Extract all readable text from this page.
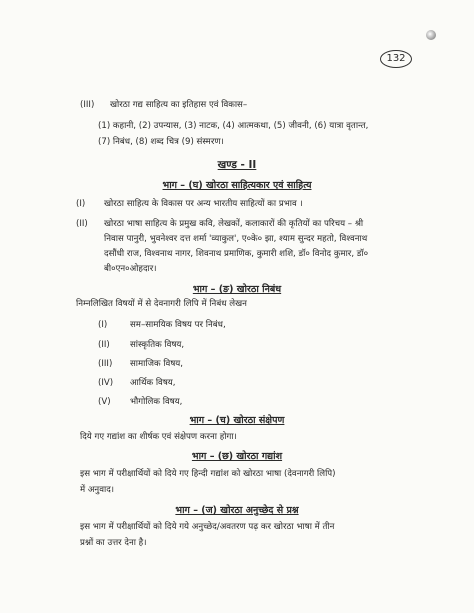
132
(III) खोरठा गद्य साहित्य का इतिहास एवं विकास–
(1) कहानी, (2) उपन्यास, (3) नाटक, (4) आत्मकथा, (5) जीवनी, (6) यात्रा वृतान्त,
(7) निबंध, (8) शब्द चित्र (9) संस्मरण।
खण्ड - II
भाग – (घ) खोरठा साहित्यकार एवं साहित्य
(I) खोरठा साहित्य के विकास पर अन्य भारतीय साहित्यों का प्रभाव ।
(II) खोरठा भाषा साहित्य के प्रमुख कवि, लेखकों, कलाकारों की कृतियों का परिचय – श्री
निवास पानुरी, भुवनेश्वर दत्त शर्मा 'व्याकुल', ए०के० झा, श्याम सुन्दर महतो, विश्वनाथ
दसौंधी राज, विश्वनाथ नागर, शिवनाथ प्रमाणिक, कुमारी शशि, डॉ० विनोद कुमार, डॉ०
बी०एन०ओहदार।
भाग – (ङ) खोरठा निबंध
निम्नलिखित विषयों में से देवनागरी लिपि में निबंध लेखन
(I)	सम–सामयिक विषय पर निबंध,
(II) सांस्कृतिक विषय,
(III) सामाजिक विषय,
(IV) आर्थिक विषय,
(V) भौगोलिक विषय,
भाग – (च) खोरठा संक्षेपण
दिये गए गद्यांश का शीर्षक एवं संक्षेपण करना होगा।
भाग – (छ) खोरठा गद्यांश
इस भाग में परीक्षार्थियों को दिये गए हिन्दी गद्यांश को खोरठा भाषा (देवनागरी लिपि)
में अनुवाद।
भाग – (ज) खोरठा अनुच्छेद से प्रश्न
इस भाग में परीक्षार्थियों को दिये गये अनुच्छेद/अवतरण पढ़ कर खोरठा भाषा में तीन
प्रश्नों का उत्तर देना है।
